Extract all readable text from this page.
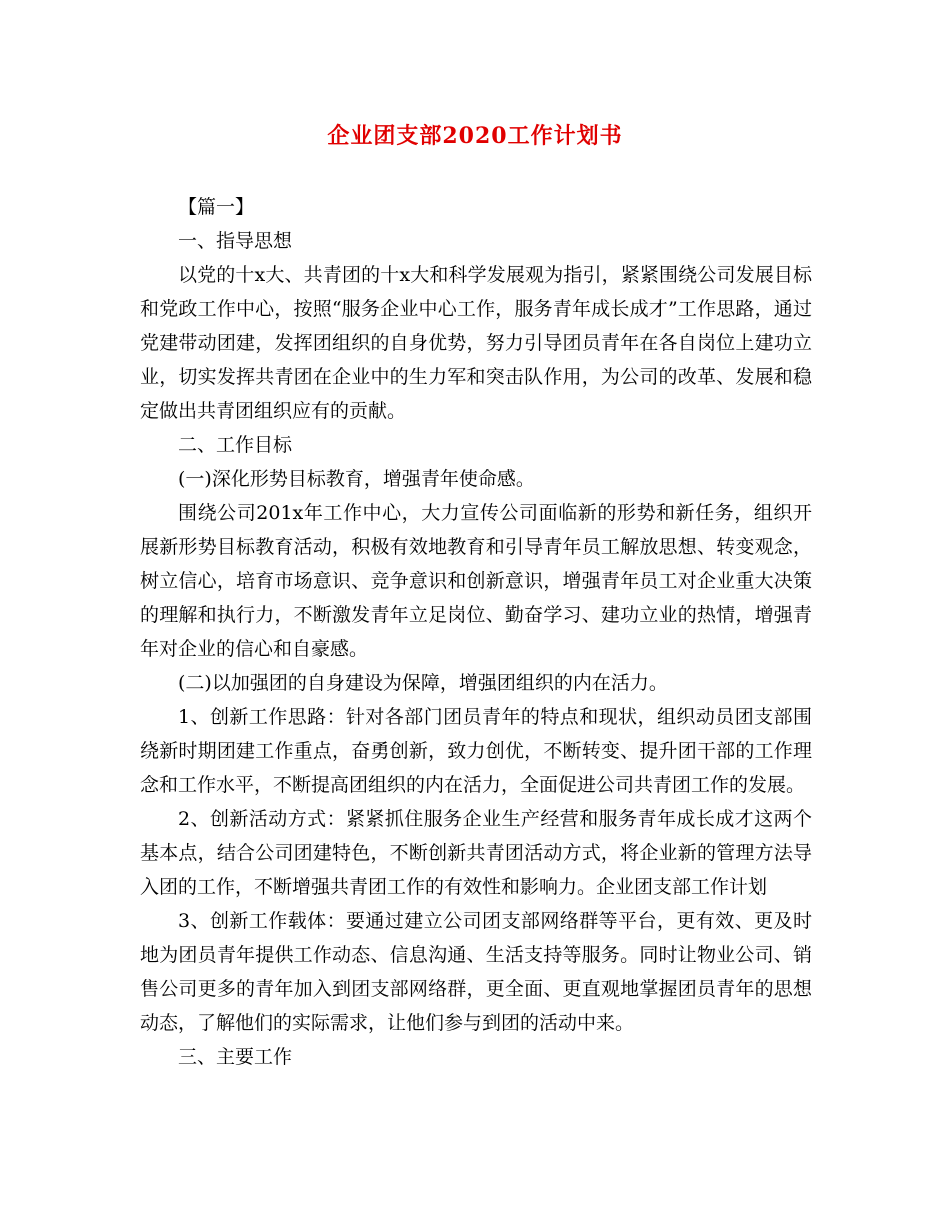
企业团支部2020工作计划书

【篇一】

一、指导思想

以党的十x大、共青团的十x大和科学发展观为指引，紧紧围绕公司发展目标和党政工作中心，按照“服务企业中心工作，服务青年成长成才”工作思路，通过党建带动团建，发挥团组织的自身优势，努力引导团员青年在各自岗位上建功立业，切实发挥共青团在企业中的生力军和突击队作用，为公司的改革、发展和稳定做出共青团组织应有的贡献。

二、工作目标

(一)深化形势目标教育，增强青年使命感。

围绕公司201x年工作中心，大力宣传公司面临新的形势和新任务，组织开展新形势目标教育活动，积极有效地教育和引导青年员工解放思想、转变观念，树立信心，培育市场意识、竞争意识和创新意识，增强青年员工对企业重大决策的理解和执行力，不断激发青年立足岗位、勤奋学习、建功立业的热情，增强青年对企业的信心和自豪感。

(二)以加强团的自身建设为保障，增强团组织的内在活力。

1、创新工作思路：针对各部门团员青年的特点和现状，组织动员团支部围绕新时期团建工作重点，奋勇创新，致力创优，不断转变、提升团干部的工作理念和工作水平，不断提高团组织的内在活力，全面促进公司共青团工作的发展。

2、创新活动方式：紧紧抓住服务企业生产经营和服务青年成长成才这两个基本点，结合公司团建特色，不断创新共青团活动方式，将企业新的管理方法导入团的工作，不断增强共青团工作的有效性和影响力。企业团支部工作计划

3、创新工作载体：要通过建立公司团支部网络群等平台，更有效、更及时地为团员青年提供工作动态、信息沟通、生活支持等服务。同时让物业公司、销售公司更多的青年加入到团支部网络群，更全面、更直观地掌握团员青年的思想动态，了解他们的实际需求，让他们参与到团的活动中来。

三、主要工作
